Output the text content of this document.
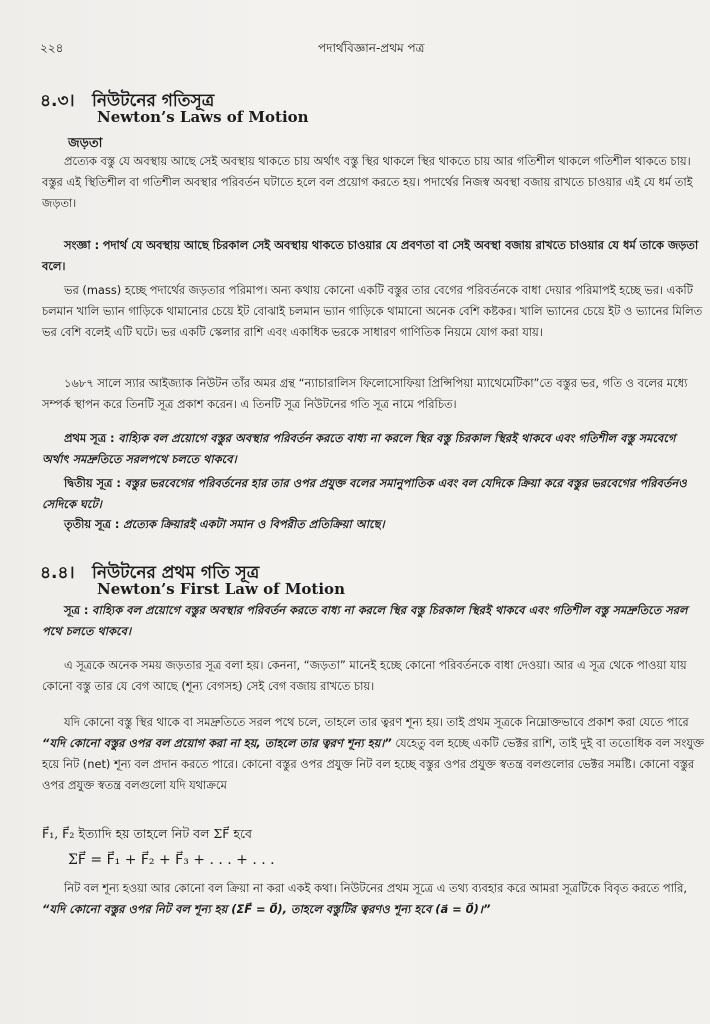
২২৪	পদার্থবিজ্ঞান-প্রথম পত্র
৪.৩। নিউটনের গতিসূত্র
Newton’s Laws of Motion
জড়তা

প্রত্যেক বস্তু যে অবস্থায় আছে সেই অবস্থায় থাকতে চায় অর্থাৎ বস্তু স্থির থাকলে স্থির থাকতে চায় আর গতিশীল থাকলে গতিশীল থাকতে চায়। বস্তুর এই স্থিতিশীল বা গতিশীল অবস্থার পরিবর্তন ঘটাতে হলে বল প্রয়োগ করতে হয়। পদার্থের নিজস্ব অবস্থা বজায় রাখতে চাওয়ার এই যে ধর্ম তাই জড়তা।

সংজ্ঞা : পদার্থ যে অবস্থায় আছে চিরকাল সেই অবস্থায় থাকতে চাওয়ার যে প্রবণতা বা সেই অবস্থা বজায় রাখতে চাওয়ার যে ধর্ম তাকে জড়তা বলে।

ভর (mass) হচ্ছে পদার্থের জড়তার পরিমাপ। অন্য কথায় কোনো একটি বস্তুর তার বেগের পরিবর্তনকে বাধা দেয়ার পরিমাপই হচ্ছে ভর। একটি চলমান খালি ভ্যান গাড়িকে থামানোর চেয়ে ইট বোঝাই চলমান ভ্যান গাড়িকে থামানো অনেক বেশি কষ্টকর। খালি ভ্যানের চেয়ে ইট ও ভ্যানের মিলিত ভর বেশি বলেই এটি ঘটে। ভর একটি স্কেলার রাশি এবং একাধিক ভরকে সাধারণ গাণিতিক নিয়মে যোগ করা যায়।

১৬৮৭ সালে স্যার আইজ্যাক নিউটন তাঁর অমর গ্রন্থ “ন্যাচারালিস ফিলোসোফিয়া প্রিন্সিপিয়া ম্যাথেমেটিকা”তে বস্তুর ভর, গতি ও বলের মধ্যে সম্পর্ক স্থাপন করে তিনটি সূত্র প্রকাশ করেন। এ তিনটি সূত্র নিউটনের গতি সূত্র নামে পরিচিত।

প্রথম সূত্র : বাহ্যিক বল প্রয়োগে বস্তুর অবস্থার পরিবর্তন করতে বাধ্য না করলে স্থির বস্তু চিরকাল স্থিরই থাকবে এবং গতিশীল বস্তু সমবেগে অর্থাৎ সমদ্রুতিতে সরলপথে চলতে থাকবে।

দ্বিতীয় সূত্র : বস্তুর ভরবেগের পরিবর্তনের হার তার ওপর প্রযুক্ত বলের সমানুপাতিক এবং বল যেদিকে ক্রিয়া করে বস্তুর ভরবেগের পরিবর্তনও সেদিকে ঘটে।

তৃতীয় সূত্র : প্রত্যেক ক্রিয়ারই একটা সমান ও বিপরীত প্রতিক্রিয়া আছে।

৪.৪। নিউটনের প্রথম গতি সূত্র
Newton’s First Law of Motion

সূত্র : বাহ্যিক বল প্রয়োগে বস্তুর অবস্থার পরিবর্তন করতে বাধ্য না করলে স্থির বস্তু চিরকাল স্থিরই থাকবে এবং গতিশীল বস্তু সমদ্রুতিতে সরল পথে চলতে থাকবে।

এ সূত্রকে অনেক সময় জড়তার সূত্র বলা হয়। কেননা, “জড়তা” মানেই হচ্ছে কোনো পরিবর্তনকে বাধা দেওয়া। আর এ সূত্র থেকে পাওয়া যায় কোনো বস্তু তার যে বেগ আছে (শূন্য বেগসহ) সেই বেগ বজায় রাখতে চায়।

যদি কোনো বস্তু স্থির থাকে বা সমদ্রুতিতে সরল পথে চলে, তাহলে তার ত্বরণ শূন্য হয়। তাই প্রথম সূত্রকে নিম্নোক্তভাবে প্রকাশ করা যেতে পারে “যদি কোনো বস্তুর ওপর বল প্রয়োগ করা না হয়, তাহলে তার ত্বরণ শূন্য হয়।” যেহেতু বল হচ্ছে একটি ভেক্টর রাশি, তাই দুই বা ততোধিক বল সংযুক্ত হয়ে নিট (net) শূন্য বল প্রদান করতে পারে। কোনো বস্তুর ওপর প্রযুক্ত নিট বল হচ্ছে বস্তুর ওপর প্রযুক্ত স্বতন্ত্র বলগুলোর ভেক্টর সমষ্টি। কোনো বস্তুর ওপর প্রযুক্ত স্বতন্ত্র বলগুলো যদি যথাক্রমে

F⃗₁, F⃗₂ ইত্যাদি হয় তাহলে নিট বল ΣF⃗ হবে
ΣF⃗ = F⃗₁ + F⃗₂ + F⃗₃ + . . . + . . .

নিট বল শূন্য হওয়া আর কোনো বল ক্রিয়া না করা একই কথা। নিউটনের প্রথম সূত্রে এ তথ্য ব্যবহার করে আমরা সূত্রটিকে বিবৃত করতে পারি, “যদি কোনো বস্তুর ওপর নিট বল শূন্য হয় (ΣF⃗ = 0⃗), তাহলে বস্তুটির ত্বরণও শূন্য হবে (a⃗ = 0⃗)।”
